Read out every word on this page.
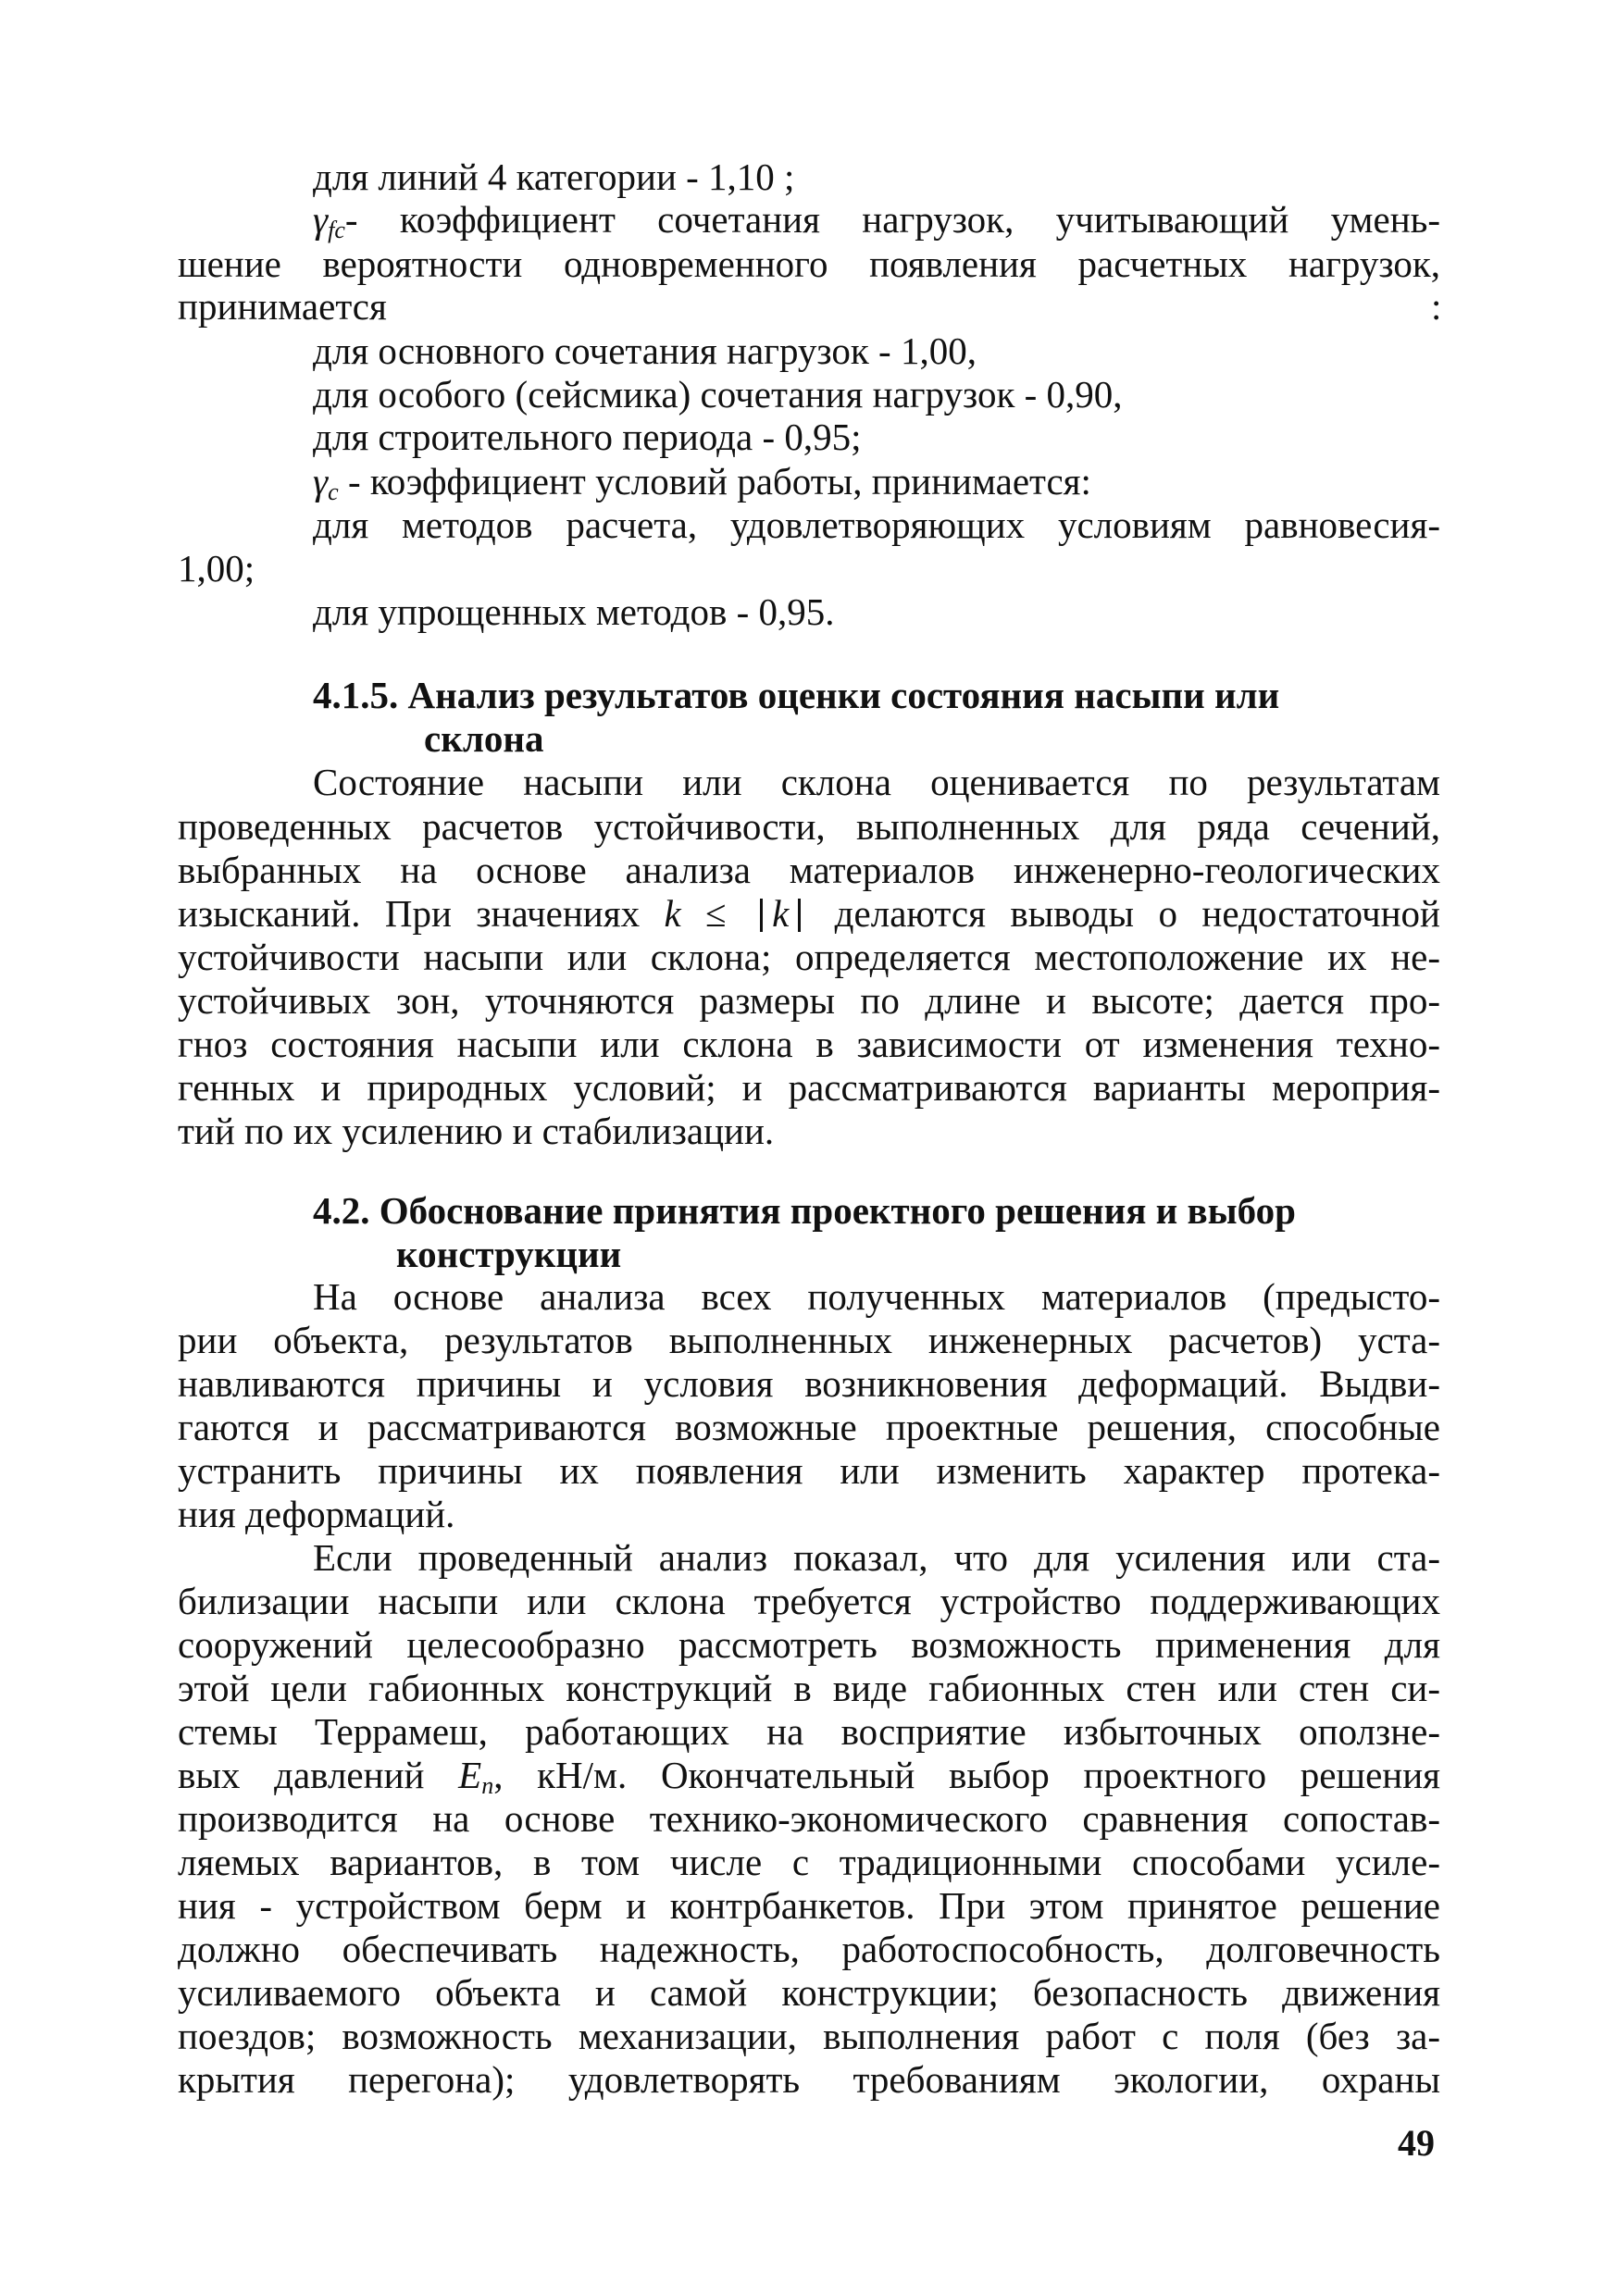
для линий 4 категории - 1,10 ;
$\gamma_{fc}-$ коэффициент сочетания нагрузок, учитывающий умень-
шение вероятности одновременного появления расчетных нагрузок,
принимается	:
для основного сочетания нагрузок - 1,00,
для особого (сейсмика) сочетания нагрузок - 0,90,
для строительного периода - 0,95;
$\gamma_c$ - коэффициент условий работы, принимается:
для методов расчета, удовлетворяющих условиям равновесия-
1,00;
для упрощенных методов - 0,95.
4.1.5. Анализ результатов оценки состояния насыпи или
склона
Состояние насыпи или склона оценивается по результатам
проведенных расчетов устойчивости, выполненных для ряда сечений,
выбранных на основе анализа материалов инженерно-геологических
изысканий. При значениях k ≤ k делаются выводы о недостаточной
устойчивости насыпи или склона; определяется местоположение их не-
устойчивых зон, уточняются размеры по длине и высоте; дается про-
гноз состояния насыпи или склона в зависимости от изменения техно-
генных и природных условий; и рассматриваются варианты мероприя-
тий по их усилению и стабилизации.
4.2. Обоснование принятия проектного решения и выбор
конструкции
На основе анализа всех полученных материалов (предысто-
рии объекта, результатов выполненных инженерных расчетов) уста-
навливаются причины и условия возникновения деформаций. Выдви-
гаются и рассматриваются возможные проектные решения, способные
устранить причины их появления или изменить характер протека-
ния деформаций.
Если проведенный анализ показал, что для усиления или ста-
билизации насыпи или склона требуется устройство поддерживающих
сооружений целесообразно рассмотреть возможность применения для
этой цели габионных конструкций в виде габионных стен или стен си-
стемы Террамеш, работающих на восприятие избыточных оползне-
вых давлений $E_n$, кН/м. Окончательный выбор проектного решения
производится на основе технико-экономического сравнения сопостав-
ляемых вариантов, в том числе с традиционными способами усиле-
ния - устройством берм и контрбанкетов. При этом принятое решение
должно обеспечивать надежность, работоспособность, долговечность
усиливаемого объекта и самой конструкции; безопасность движения
поездов; возможность механизации, выполнения работ с поля (без за-
крытия перегона); удовлетворять требованиям экологии, охраны
49
